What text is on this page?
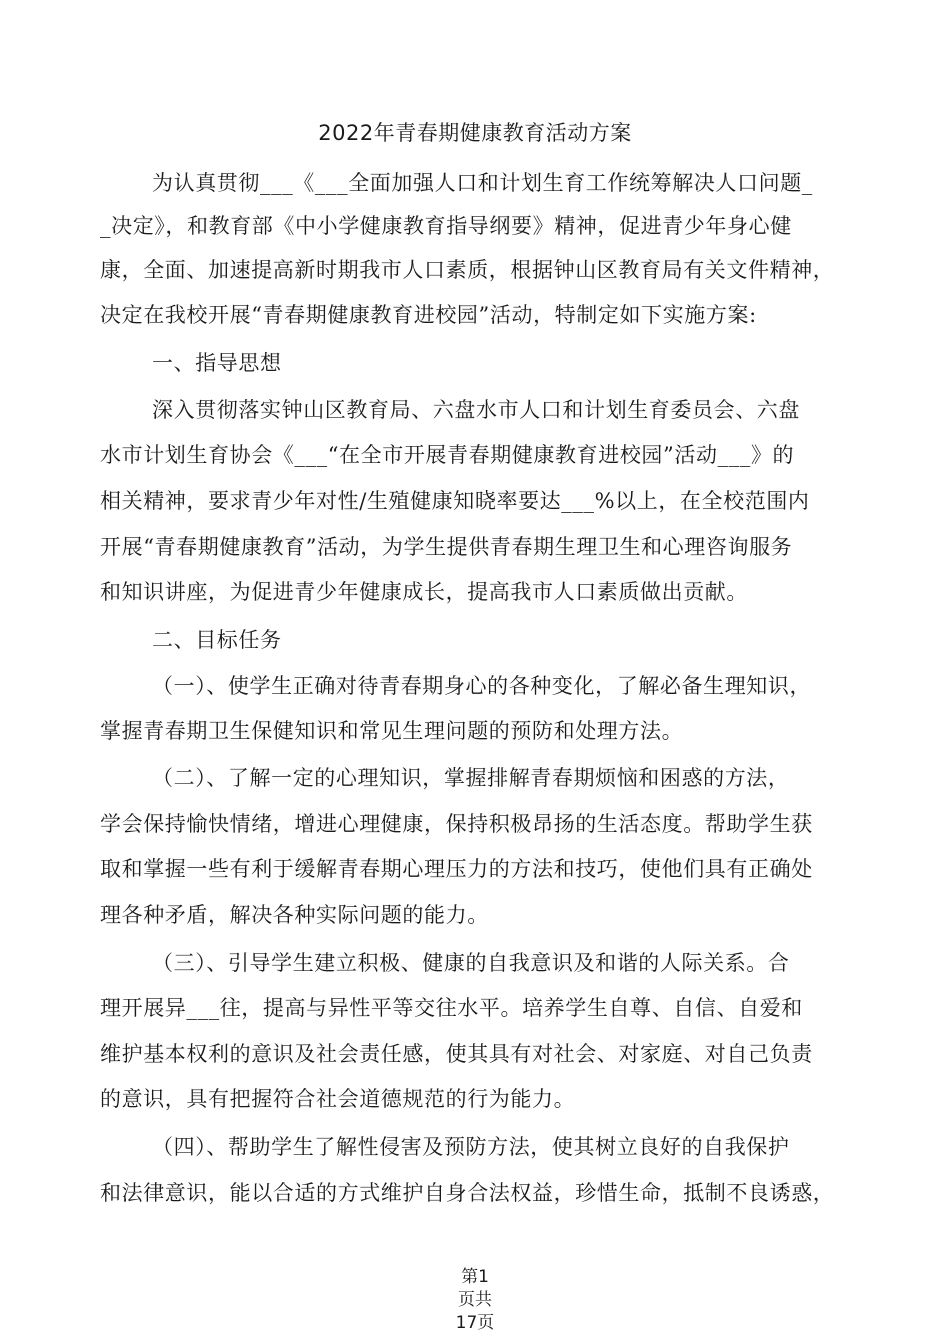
2022年青春期健康教育活动方案
为认真贯彻___《___全面加强人口和计划生育工作统筹解决人口问题_
_决定》，和教育部《中小学健康教育指导纲要》精神，促进青少年身心健
康，全面、加速提高新时期我市人口素质，根据钟山区教育局有关文件精神，
决定在我校开展“青春期健康教育进校园”活动，特制定如下实施方案:
一、指导思想
深入贯彻落实钟山区教育局、六盘水市人口和计划生育委员会、六盘
水市计划生育协会《___“在全市开展青春期健康教育进校园”活动___》的
相关精神，要求青少年对性/生殖健康知晓率要达___%以上，在全校范围内
开展“青春期健康教育”活动，为学生提供青春期生理卫生和心理咨询服务
和知识讲座，为促进青少年健康成长，提高我市人口素质做出贡献。
二、目标任务
（一）、使学生正确对待青春期身心的各种变化，了解必备生理知识，
掌握青春期卫生保健知识和常见生理问题的预防和处理方法。
（二）、了解一定的心理知识，掌握排解青春期烦恼和困惑的方法，
学会保持愉快情绪，增进心理健康，保持积极昂扬的生活态度。帮助学生获
取和掌握一些有利于缓解青春期心理压力的方法和技巧，使他们具有正确处
理各种矛盾，解决各种实际问题的能力。
（三）、引导学生建立积极、健康的自我意识及和谐的人际关系。合
理开展异___往，提高与异性平等交往水平。培养学生自尊、自信、自爱和
维护基本权利的意识及社会责任感，使其具有对社会、对家庭、对自己负责
的意识，具有把握符合社会道德规范的行为能力。
（四）、帮助学生了解性侵害及预防方法，使其树立良好的自我保护
和法律意识，能以合适的方式维护自身合法权益，珍惜生命，抵制不良诱惑，
第1
页共
17页
